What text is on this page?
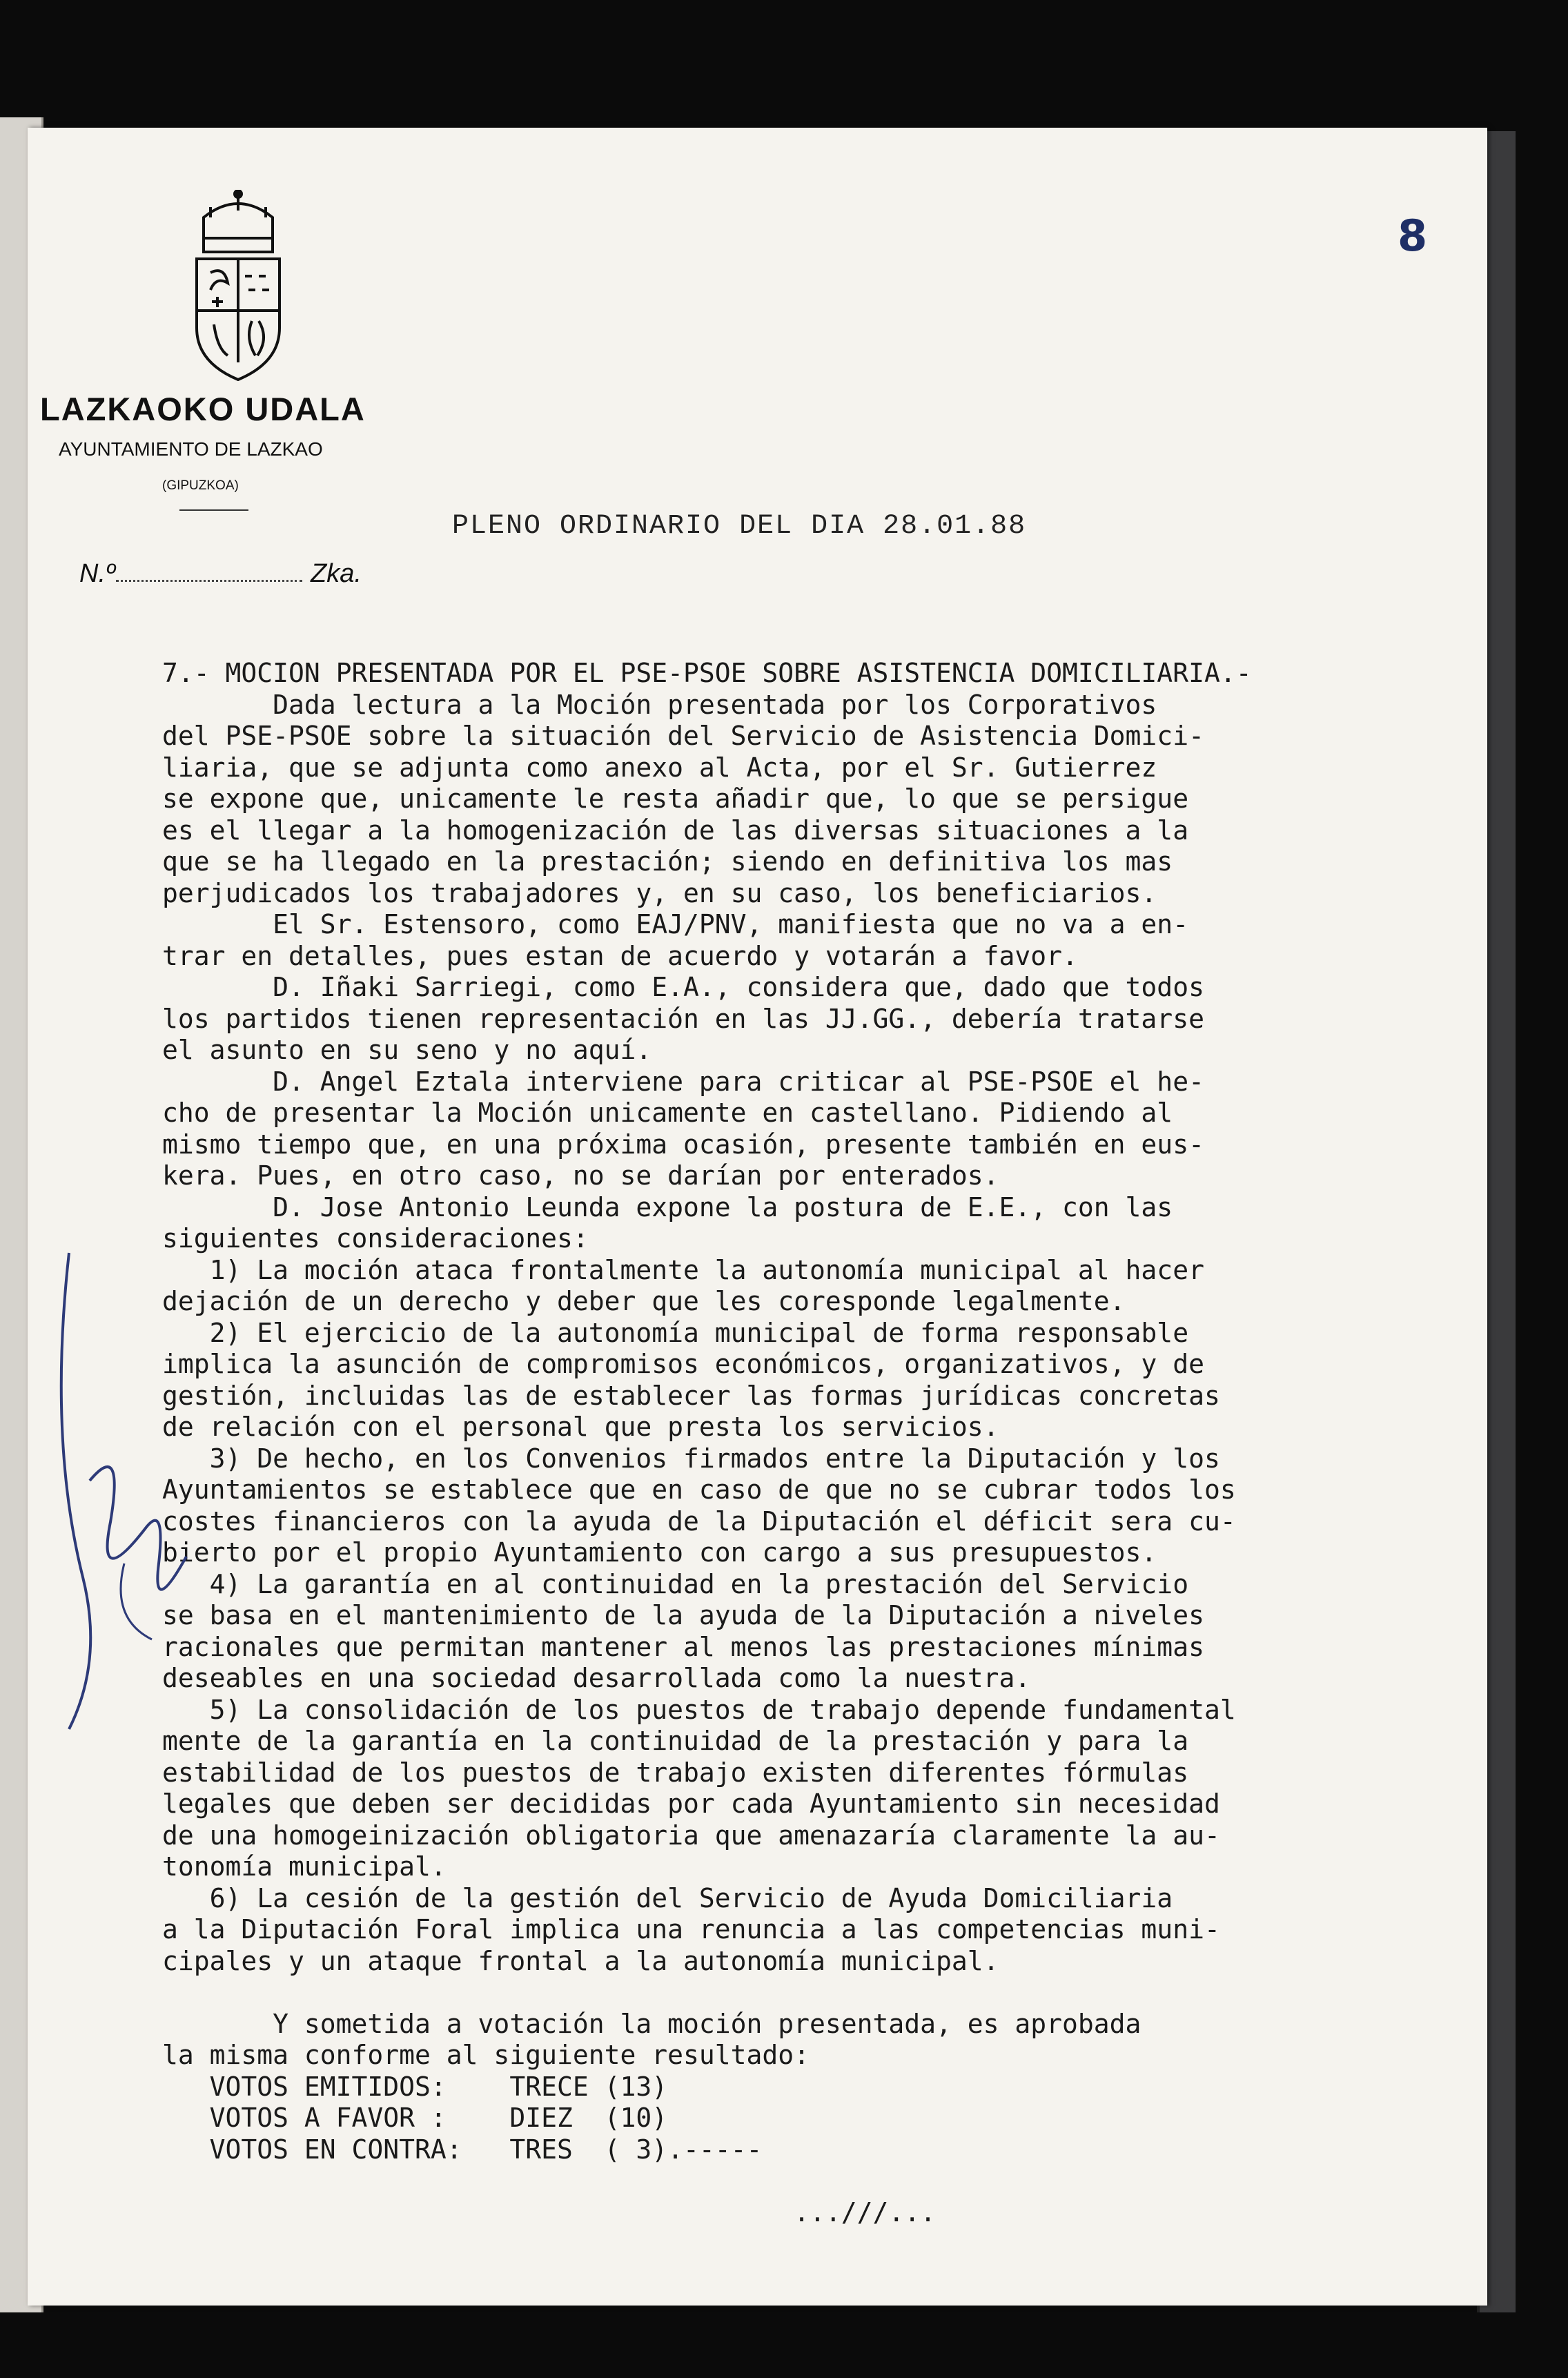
LAZKAOKO UDALA
AYUNTAMIENTO DE LAZKAO
(GIPUZKOA)
N.º	Zka.
8
PLENO ORDINARIO DEL DIA 28.01.88
7.- MOCION PRESENTADA POR EL PSE-PSOE SOBRE ASISTENCIA DOMICILIARIA.-
Dada lectura a la Moción presentada por los Corporativos
del PSE-PSOE sobre la situación del Servicio de Asistencia Domici-
liaria, que se adjunta como anexo al Acta, por el Sr. Gutierrez
se expone que, unicamente le resta añadir que, lo que se persigue
es el llegar a la homogenización de las diversas situaciones a la
que se ha llegado en la prestación; siendo en definitiva los mas
perjudicados los trabajadores y, en su caso, los beneficiarios.
El Sr. Estensoro, como EAJ/PNV, manifiesta que no va a en-
trar en detalles, pues estan de acuerdo y votarán a favor.
D. Iñaki Sarriegi, como E.A., considera que, dado que todos
los partidos tienen representación en las JJ.GG., debería tratarse
el asunto en su seno y no aquí.
D. Angel Eztala interviene para criticar al PSE-PSOE el he-
cho de presentar la Moción unicamente en castellano. Pidiendo al
mismo tiempo que, en una próxima ocasión, presente también en eus-
kera. Pues, en otro caso, no se darían por enterados.
D. Jose Antonio Leunda expone la postura de E.E., con las
siguientes consideraciones:
1) La moción ataca frontalmente la autonomía municipal al hacer
dejación de un derecho y deber que les coresponde legalmente.
2) El ejercicio de la autonomía municipal de forma responsable
implica la asunción de compromisos económicos, organizativos, y de
gestión, incluidas las de establecer las formas jurídicas concretas
de relación con el personal que presta los servicios.
3) De hecho, en los Convenios firmados entre la Diputación y los
Ayuntamientos se establece que en caso de que no se cubrar todos los
costes financieros con la ayuda de la Diputación el déficit sera cu-
bierto por el propio Ayuntamiento con cargo a sus presupuestos.
4) La garantía en al continuidad en la prestación del Servicio
se basa en el mantenimiento de la ayuda de la Diputación a niveles
racionales que permitan mantener al menos las prestaciones mínimas
deseables en una sociedad desarrollada como la nuestra.
5) La consolidación de los puestos de trabajo depende fundamental
mente de la garantía en la continuidad de la prestación y para la
estabilidad de los puestos de trabajo existen diferentes fórmulas
legales que deben ser decididas por cada Ayuntamiento sin necesidad
de una homogeinización obligatoria que amenazaría claramente la au-
tonomía municipal.
6) La cesión de la gestión del Servicio de Ayuda Domiciliaria
a la Diputación Foral implica una renuncia a las competencias muni-
cipales y un ataque frontal a la autonomía municipal.

Y sometida a votación la moción presentada, es aprobada
la misma conforme al siguiente resultado:
VOTOS EMITIDOS:    TRECE (13)
VOTOS A FAVOR :    DIEZ  (10)
VOTOS EN CONTRA:   TRES  ( 3).-----

...///...
